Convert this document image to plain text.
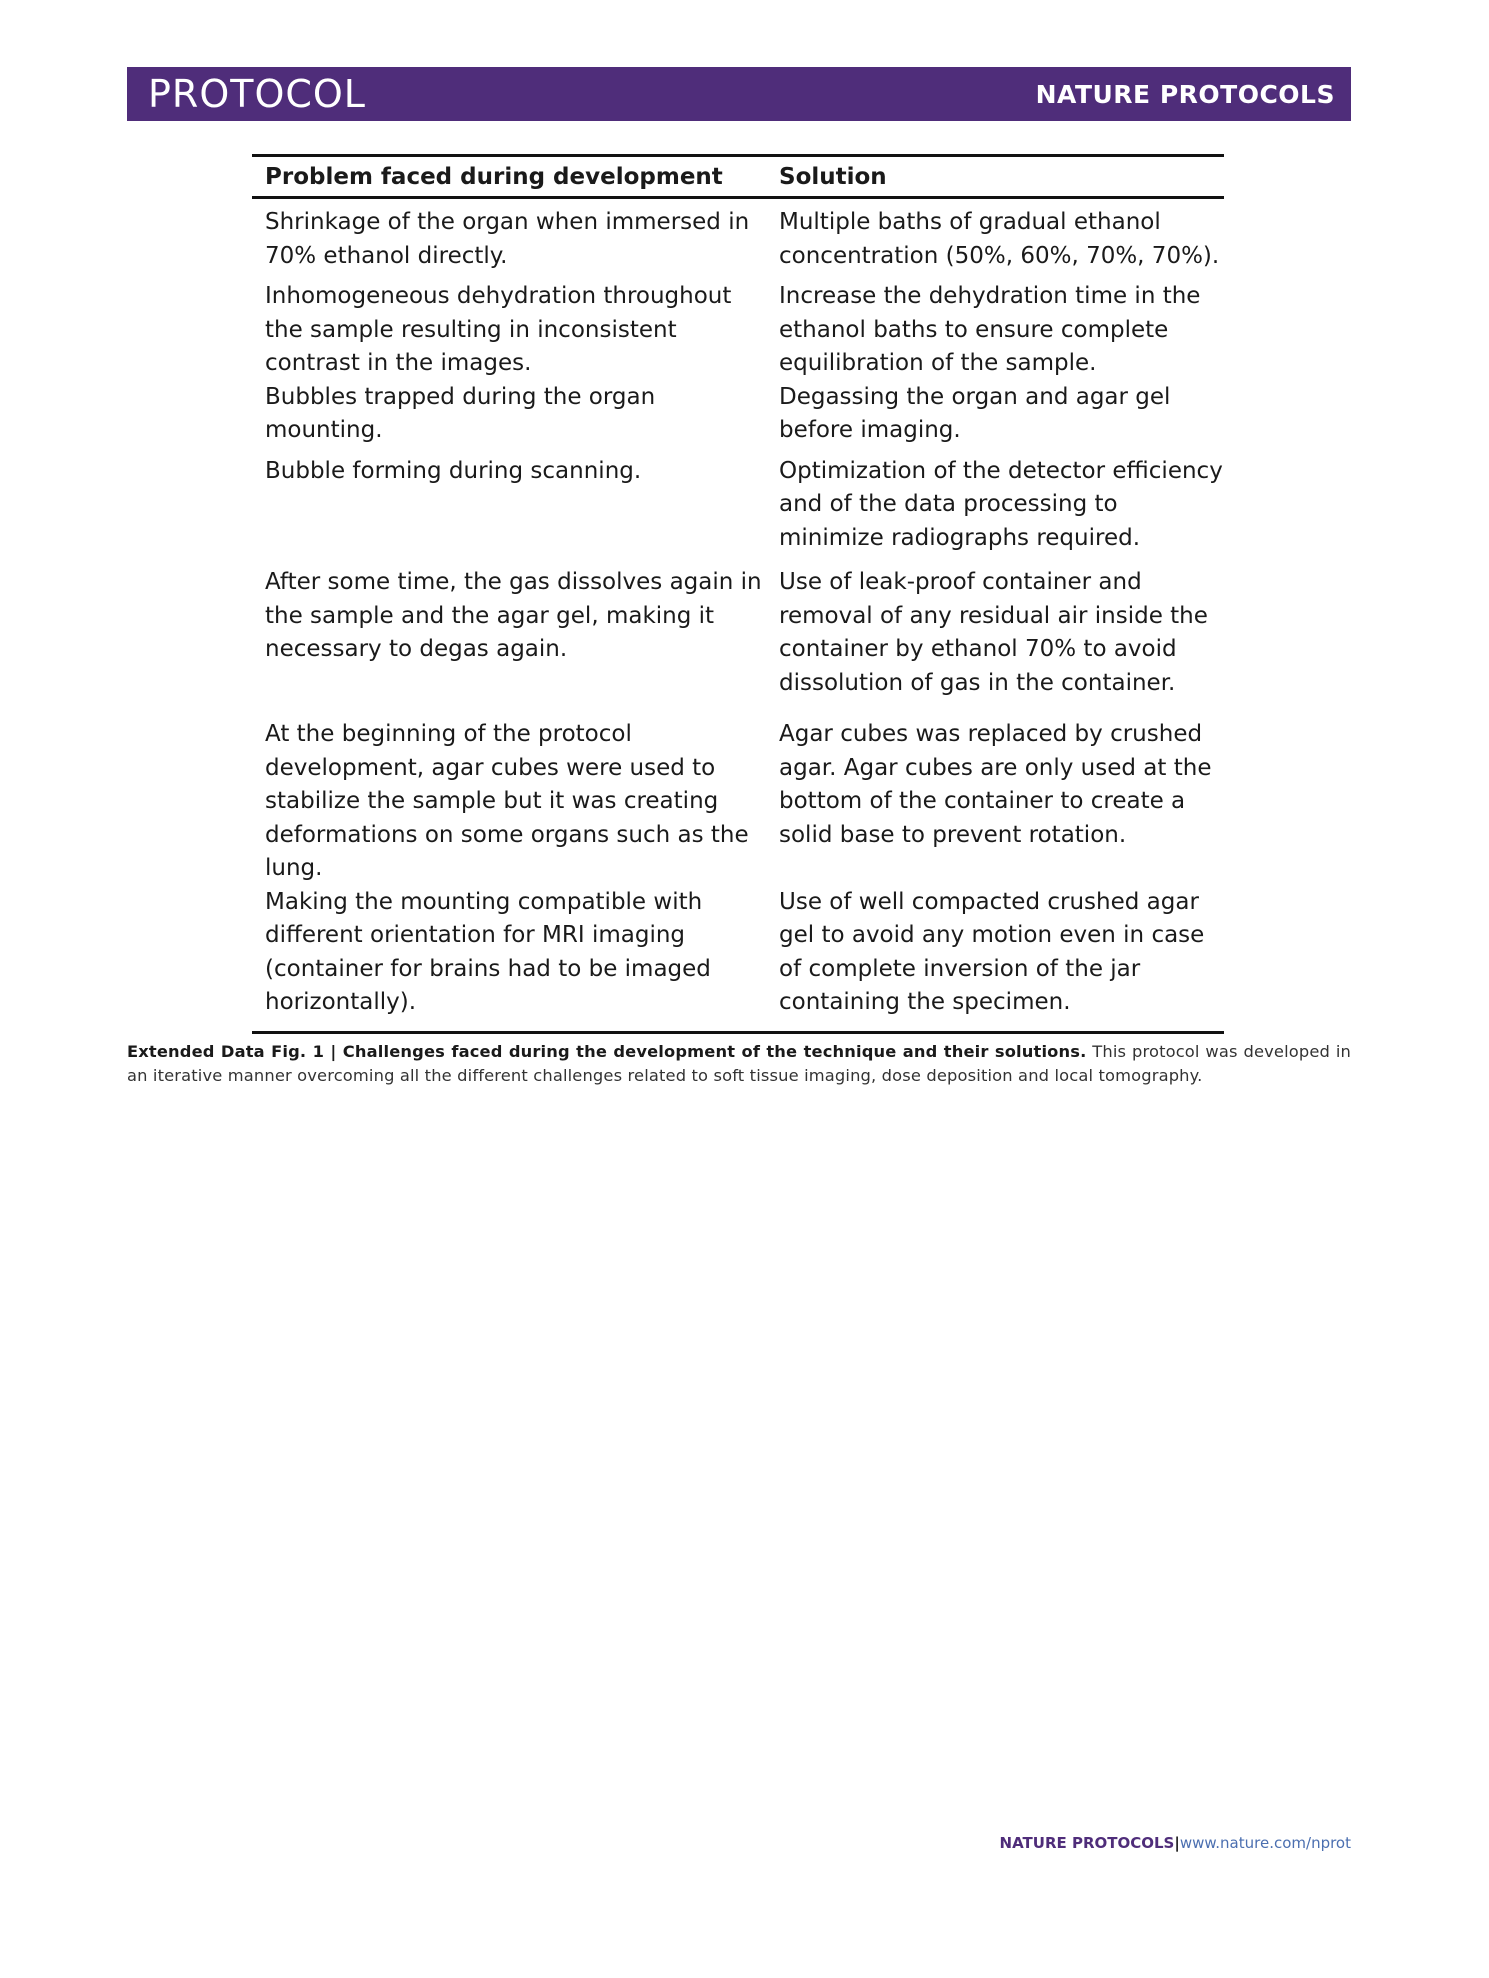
PROTOCOL	NATURE PROTOCOLS
Problem faced during development	Solution
Shrinkage of the organ when immersed in 70% ethanol directly.	Multiple baths of gradual ethanol concentration (50%, 60%, 70%, 70%).
Inhomogeneous dehydration throughout the sample resulting in inconsistent contrast in the images.	Increase the dehydration time in the ethanol baths to ensure complete equilibration of the sample.
Bubbles trapped during the organ mounting.	Degassing the organ and agar gel before imaging.
Bubble forming during scanning.	Optimization of the detector efficiency and of the data processing to minimize radiographs required.
After some time, the gas dissolves again in the sample and the agar gel, making it necessary to degas again.	Use of leak-proof container and removal of any residual air inside the container by ethanol 70% to avoid dissolution of gas in the container.
At the beginning of the protocol development, agar cubes were used to stabilize the sample but it was creating deformations on some organs such as the lung.	Agar cubes was replaced by crushed agar. Agar cubes are only used at the bottom of the container to create a solid base to prevent rotation.
Making the mounting compatible with different orientation for MRI imaging (container for brains had to be imaged horizontally).	Use of well compacted crushed agar gel to avoid any motion even in case of complete inversion of the jar containing the specimen.
Extended Data Fig. 1 | Challenges faced during the development of the technique and their solutions. This protocol was developed in an iterative manner overcoming all the different challenges related to soft tissue imaging, dose deposition and local tomography.
NATURE PROTOCOLS|www.nature.com/nprot
